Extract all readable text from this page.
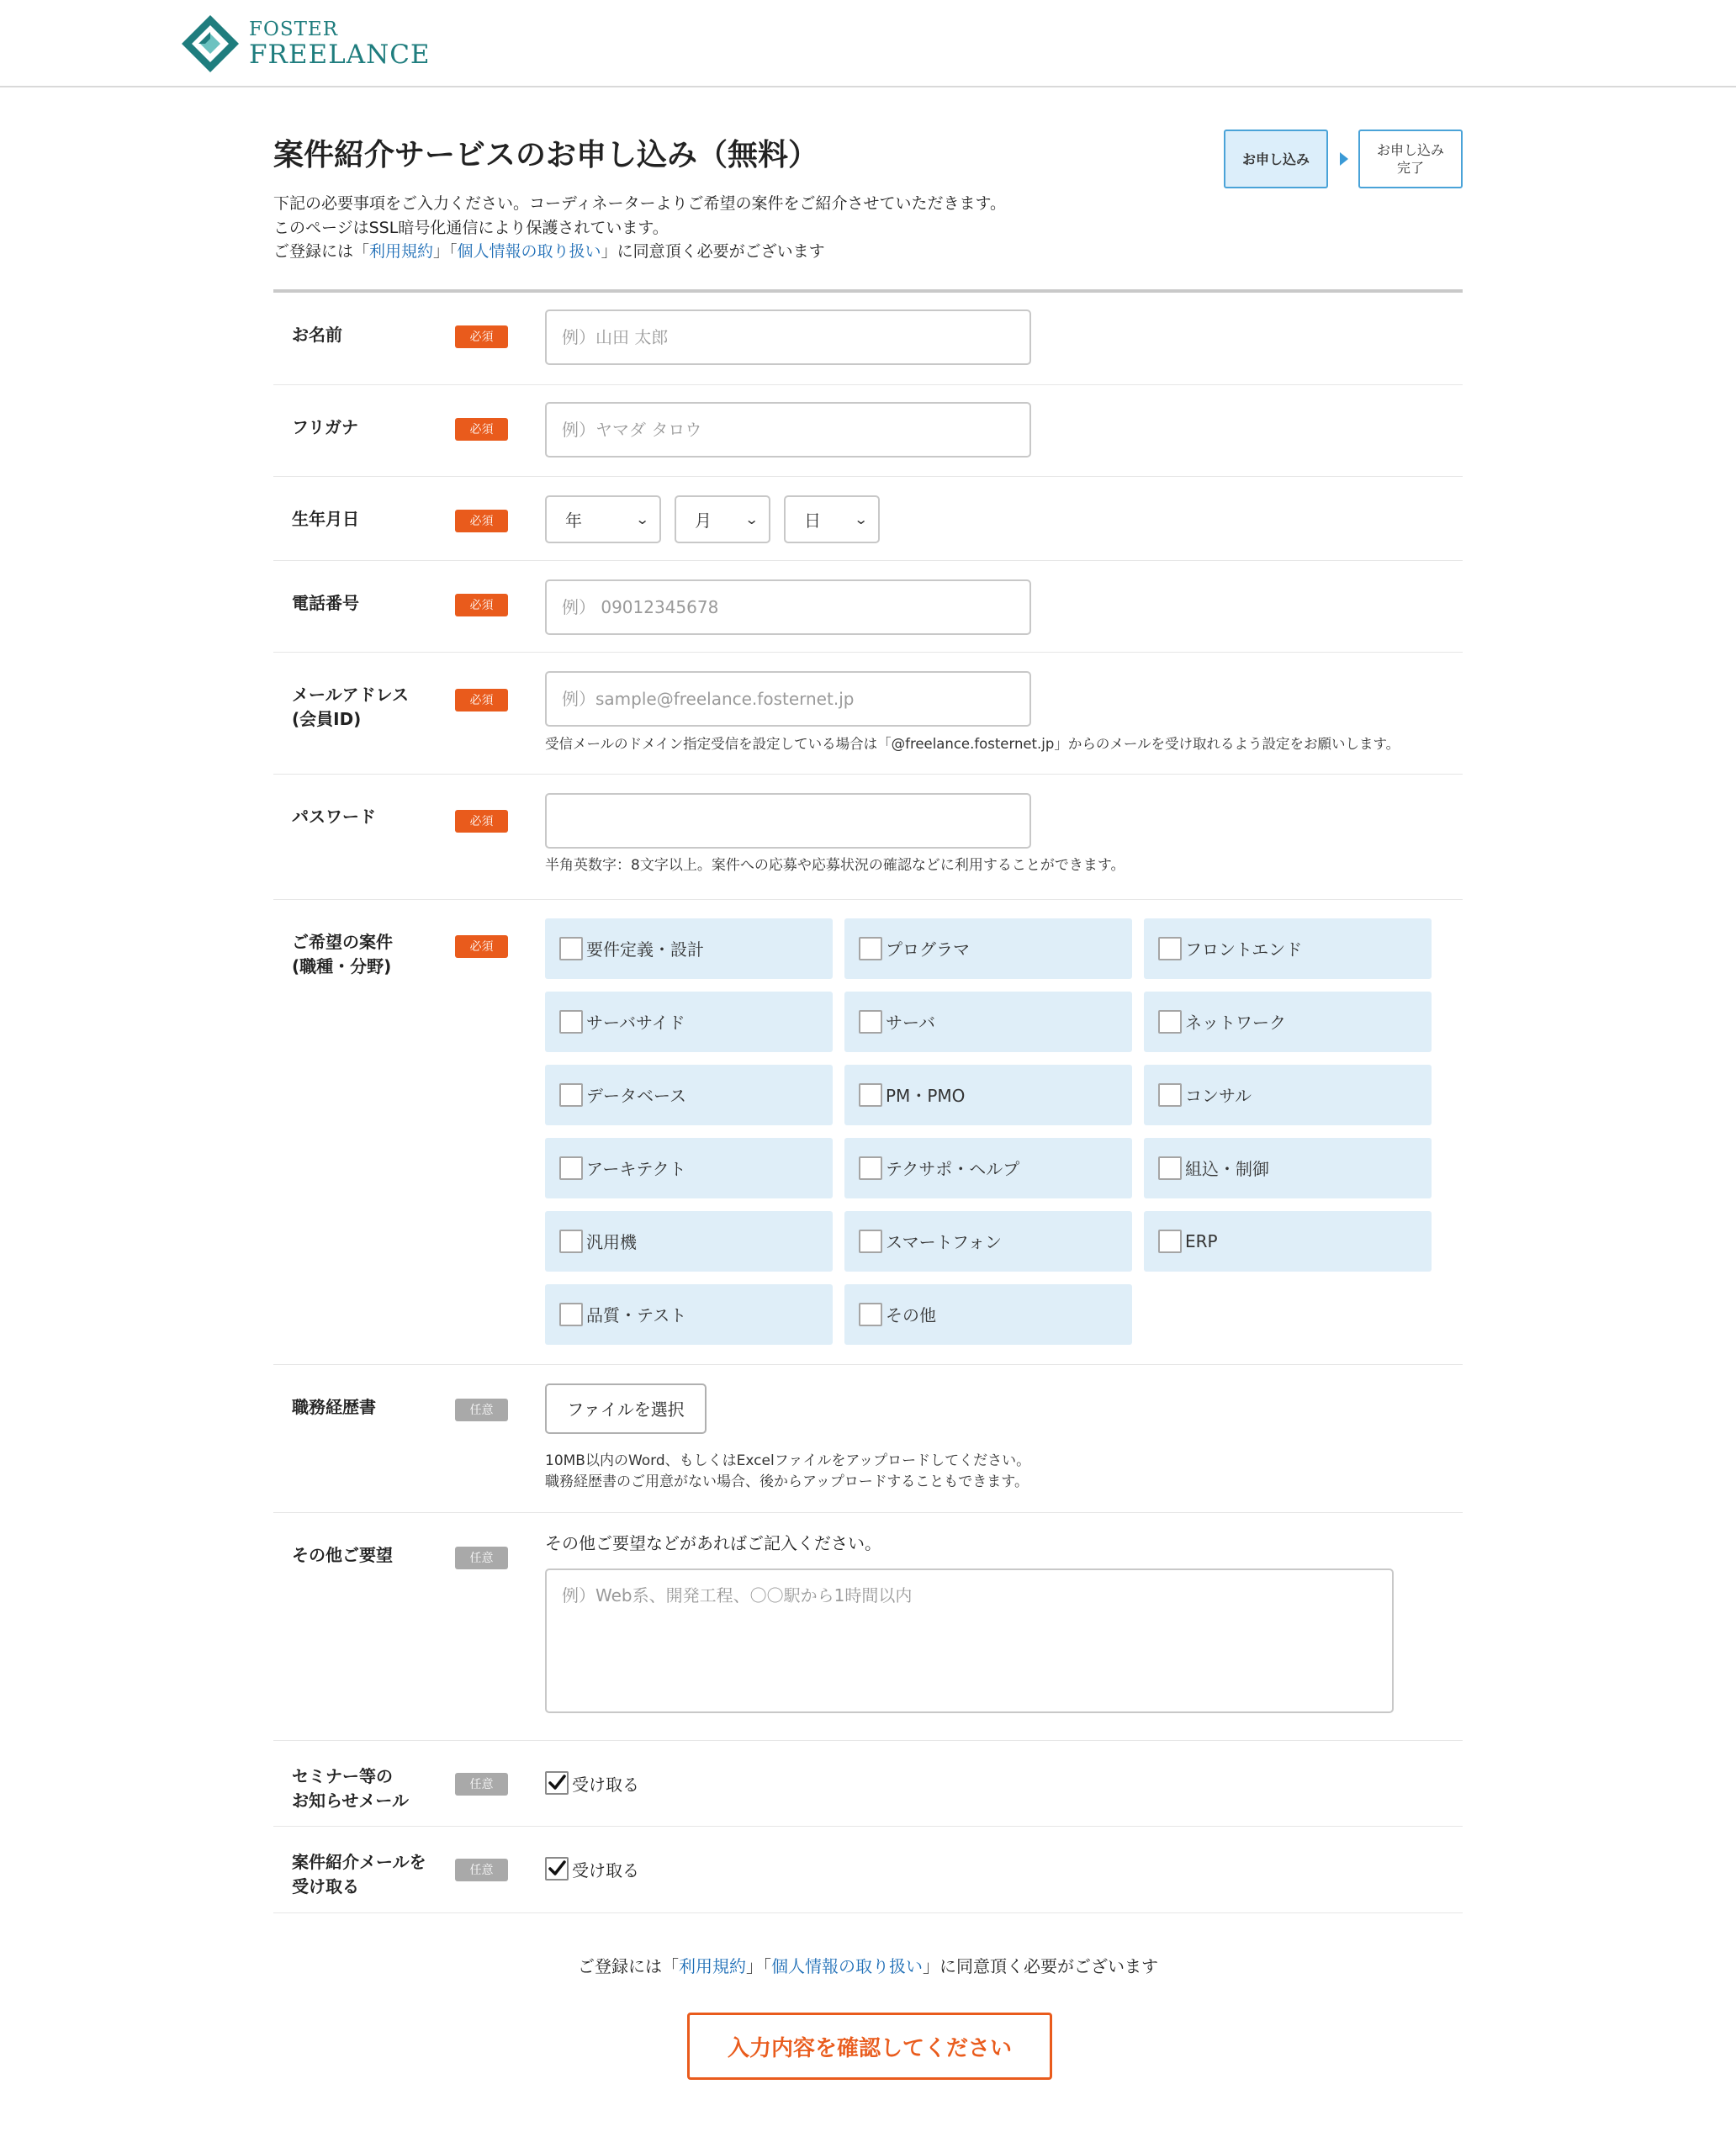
FOSTER
FREELANCE
お申し込み
お申し込み
完了
案件紹介サービスのお申し込み（無料）
下記の必要事項をご入力ください。コーディネーターよりご希望の案件をご紹介させていただきます。
このページはSSL暗号化通信により保護されています。
ご登録には「利用規約」「個人情報の取り扱い」に同意頂く必要がございます
お名前	必須
例）山田 太郎
フリガナ	必須
例）ヤマダ タロウ
生年月日	必須	年	⌄	月 ⌄	日 ⌄
電話番号	必須
例） 09012345678
メールアドレス
(会員ID)
必須
例）sample@freelance.fosternet.jp
受信メールのドメイン指定受信を設定している場合は「@freelance.fosternet.jp」からのメールを受け取れるよう設定をお願いします。
パスワード	必須
半角英数字：8文字以上。案件への応募や応募状況の確認などに利用することができます。
ご希望の案件
(職種・分野)
必須	要件定義・設計	プログラマ	フロントエンド
サーバサイド	サーバ	ネットワーク
データベース	PM・PMO	コンサル
アーキテクト	テクサポ・ヘルプ	組込・制御
汎用機	スマートフォン	ERP
品質・テスト	その他
職務経歴書	任意	ファイルを選択
10MB以内のWord、もしくはExcelファイルをアップロードしてください。
職務経歴書のご用意がない場合、後からアップロードすることもできます。
その他ご要望	任意
その他ご要望などがあればご記入ください。
例）Web系、開発工程、〇〇駅から1時間以内
セミナー等の
お知らせメール
任意	受け取る
案件紹介メールを
受け取る
任意	受け取る
ご登録には「利用規約」「個人情報の取り扱い」に同意頂く必要がございます
入力内容を確認してください
